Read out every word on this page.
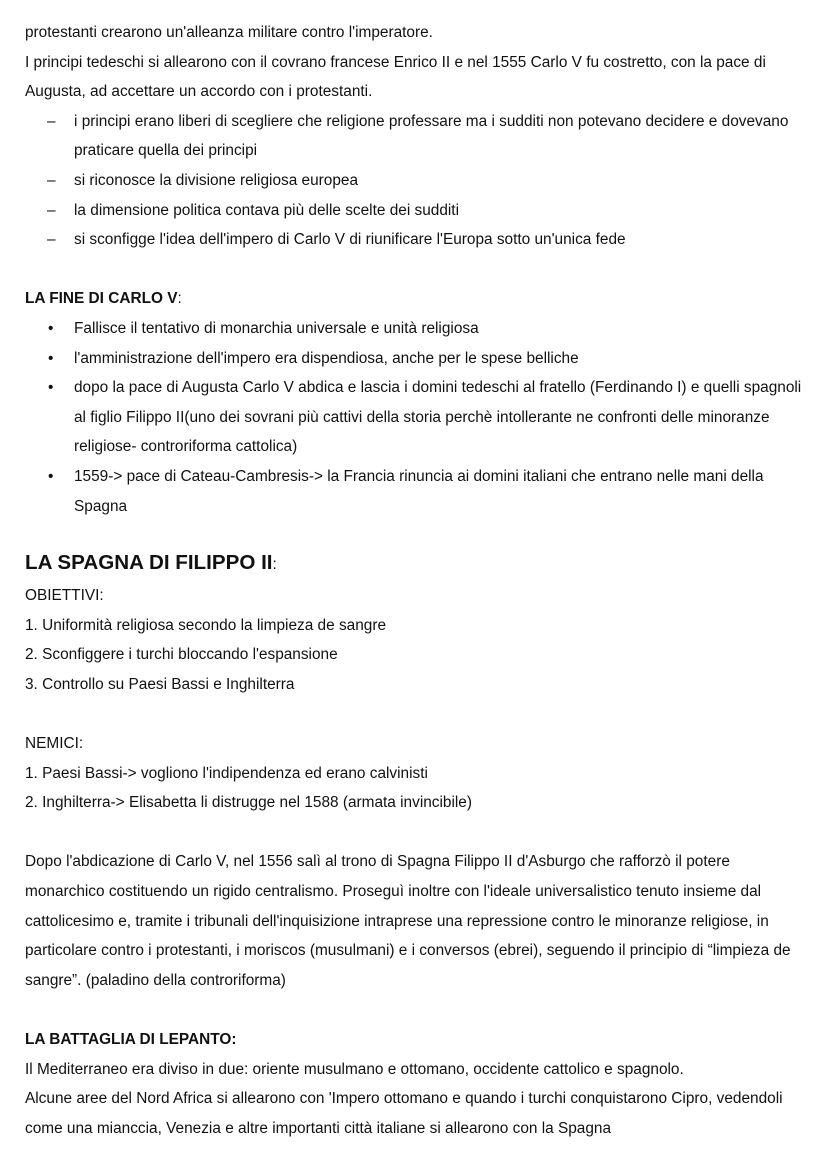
protestanti crearono un'alleanza militare contro l'imperatore.

I principi tedeschi si allearono con il covrano francese Enrico II e nel 1555 Carlo V fu costretto, con la pace di Augusta, ad accettare un accordo con i protestanti.

–	i principi erano liberi di scegliere che religione professare ma i sudditi non potevano decidere e dovevano praticare quella dei principi
–	si riconosce la divisione religiosa europea
–	la dimensione politica contava più delle scelte dei sudditi
–	si sconfigge l'idea dell'impero di Carlo V di riunificare l'Europa sotto un'unica fede

LA FINE DI CARLO V:

•	Fallisce il tentativo di monarchia universale e unità religiosa
•	l'amministrazione dell'impero era dispendiosa, anche per le spese belliche
•	dopo la pace di Augusta Carlo V abdica e lascia i domini tedeschi al fratello (Ferdinando I) e quelli spagnoli al figlio Filippo II(uno dei sovrani più cattivi della storia perchè intollerante ne confronti delle minoranze religiose- controriforma cattolica)
•	1559-> pace di Cateau-Cambresis-> la Francia rinuncia ai domini italiani che entrano nelle mani della Spagna

LA SPAGNA DI FILIPPO II:

OBIETTIVI:

1. Uniformità religiosa secondo la limpieza de sangre
2. Sconfiggere i turchi bloccando l'espansione
3. Controllo su Paesi Bassi e Inghilterra

NEMICI:

1. Paesi Bassi-> vogliono l'indipendenza ed erano calvinisti
2. Inghilterra-> Elisabetta li distrugge nel 1588 (armata invincibile)

Dopo l'abdicazione di Carlo V, nel 1556 salì al trono di Spagna Filippo II d'Asburgo che rafforzò il potere monarchico costituendo un rigido centralismo. Proseguì inoltre con l'ideale universalistico tenuto insieme dal cattolicesimo e, tramite i tribunali dell'inquisizione intraprese una repressione contro le minoranze religiose, in particolare contro i protestanti, i moriscos (musulmani) e i conversos (ebrei), seguendo il principio di “limpieza de sangre”. (paladino della controriforma)

LA BATTAGLIA DI LEPANTO:

Il Mediterraneo era diviso in due: oriente musulmano e ottomano, occidente cattolico e spagnolo.

Alcune aree del Nord Africa si allearono con 'Impero ottomano e quando i turchi conquistarono Cipro, vedendoli come una mianccia, Venezia e altre importanti città italiane si allearono con la Spagna
